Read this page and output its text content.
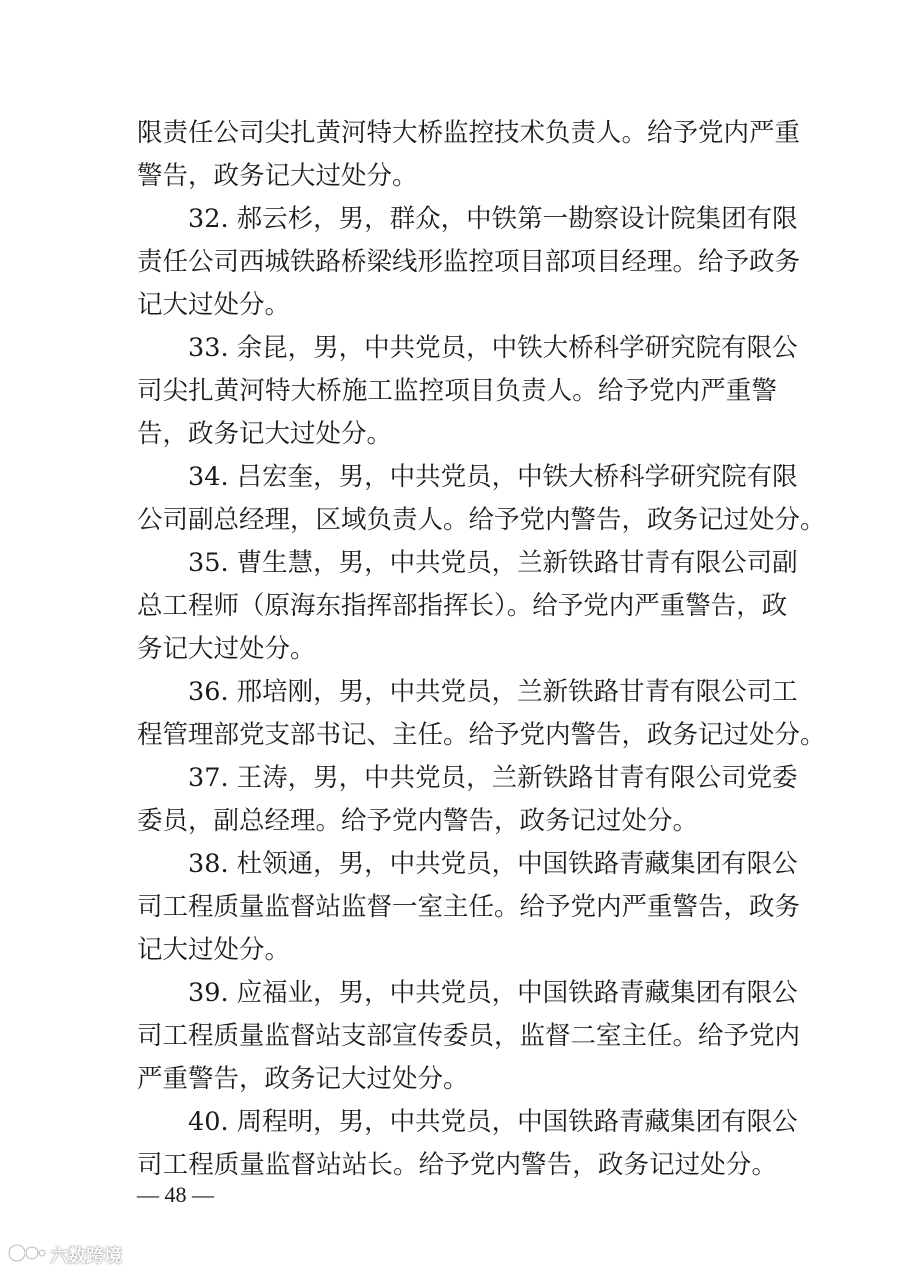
限责任公司尖扎黄河特大桥监控技术负责人。给予党内严重
警告，政务记大过处分。
32. 郝云杉，男，群众，中铁第一勘察设计院集团有限
责任公司西城铁路桥梁线形监控项目部项目经理。给予政务
记大过处分。
33. 余昆，男，中共党员，中铁大桥科学研究院有限公
司尖扎黄河特大桥施工监控项目负责人。给予党内严重警
告，政务记大过处分。
34. 吕宏奎，男，中共党员，中铁大桥科学研究院有限
公司副总经理，区域负责人。给予党内警告，政务记过处分。
35. 曹生慧，男，中共党员，兰新铁路甘青有限公司副
总工程师（原海东指挥部指挥长）。给予党内严重警告，政
务记大过处分。
36. 邢培刚，男，中共党员，兰新铁路甘青有限公司工
程管理部党支部书记、主任。给予党内警告，政务记过处分。
37. 王涛，男，中共党员，兰新铁路甘青有限公司党委
委员，副总经理。给予党内警告，政务记过处分。
38. 杜领通，男，中共党员，中国铁路青藏集团有限公
司工程质量监督站监督一室主任。给予党内严重警告，政务
记大过处分。
39. 应福业，男，中共党员，中国铁路青藏集团有限公
司工程质量监督站支部宣传委员，监督二室主任。给予党内
严重警告，政务记大过处分。
40. 周程明，男，中共党员，中国铁路青藏集团有限公
司工程质量监督站站长。给予党内警告，政务记过处分。
— 48 —
六数跨境
